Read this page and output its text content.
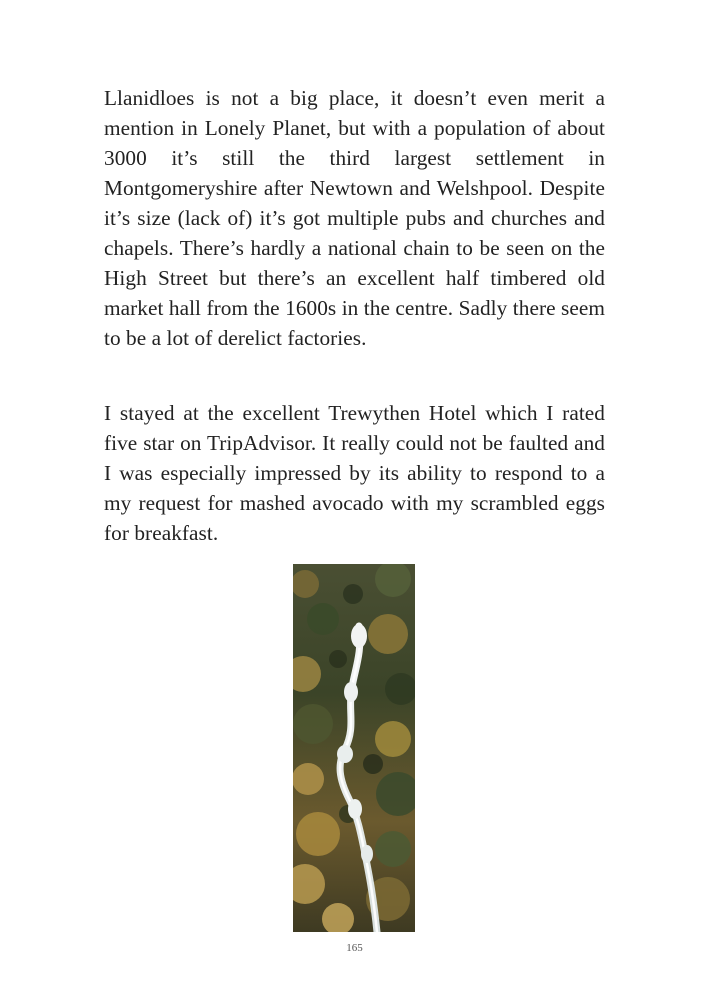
Llanidloes is not a big place, it doesn’t even merit a mention in Lonely Planet, but with a population of about 3000 it’s still the third largest settlement in Montgomeryshire after Newtown and Welshpool. Despite it’s size (lack of) it’s got multiple pubs and churches and chapels. There’s hardly a national chain to be seen on the High Street but there’s an excellent half timbered old market hall from the 1600s in the centre. Sadly there seem to be a lot of derelict factories.

I stayed at the excellent Trewythen Hotel which I rated five star on TripAdvisor. It really could not be faulted and I was especially impressed by its ability to respond to a my request for mashed avocado with my scrambled eggs for breakfast.

165
